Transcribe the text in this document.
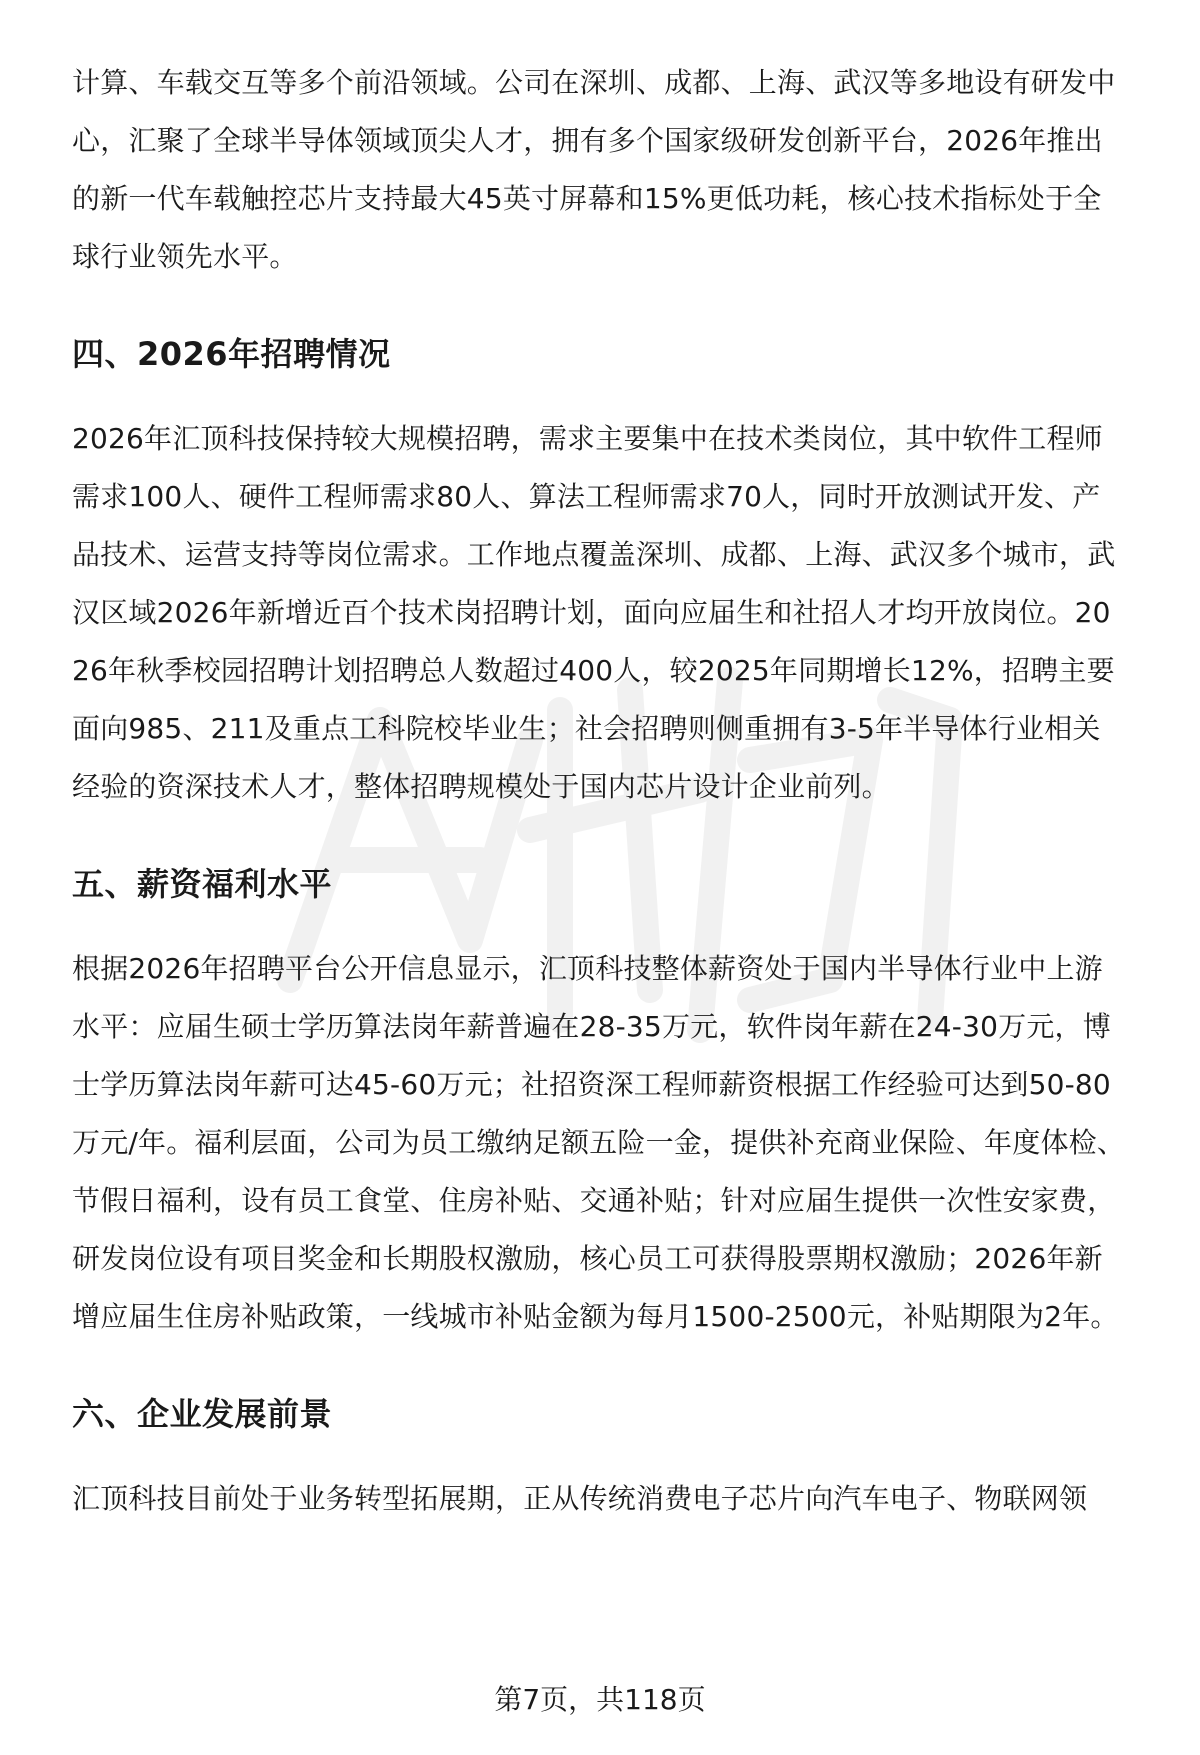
计算、车载交互等多个前沿领域。公司在深圳、成都、上海、武汉等多地设有研发中心，汇聚了全球半导体领域顶尖人才，拥有多个国家级研发创新平台，2026年推出的新一代车载触控芯片支持最大45英寸屏幕和15%更低功耗，核心技术指标处于全球行业领先水平。

四、2026年招聘情况

2026年汇顶科技保持较大规模招聘，需求主要集中在技术类岗位，其中软件工程师需求100人、硬件工程师需求80人、算法工程师需求70人，同时开放测试开发、产品技术、运营支持等岗位需求。工作地点覆盖深圳、成都、上海、武汉多个城市，武汉区域2026年新增近百个技术岗招聘计划，面向应届生和社招人才均开放岗位。2026年秋季校园招聘计划招聘总人数超过400人，较2025年同期增长12%，招聘主要面向985、211及重点工科院校毕业生；社会招聘则侧重拥有3-5年半导体行业相关经验的资深技术人才，整体招聘规模处于国内芯片设计企业前列。

五、薪资福利水平

根据2026年招聘平台公开信息显示，汇顶科技整体薪资处于国内半导体行业中上游水平：应届生硕士学历算法岗年薪普遍在28-35万元，软件岗年薪在24-30万元，博士学历算法岗年薪可达45-60万元；社招资深工程师薪资根据工作经验可达到50-80万元/年。福利层面，公司为员工缴纳足额五险一金，提供补充商业保险、年度体检、节假日福利，设有员工食堂、住房补贴、交通补贴；针对应届生提供一次性安家费，研发岗位设有项目奖金和长期股权激励，核心员工可获得股票期权激励；2026年新增应届生住房补贴政策，一线城市补贴金额为每月1500-2500元，补贴期限为2年。

六、企业发展前景

汇顶科技目前处于业务转型拓展期，正从传统消费电子芯片向汽车电子、物联网领

第7页，共118页
